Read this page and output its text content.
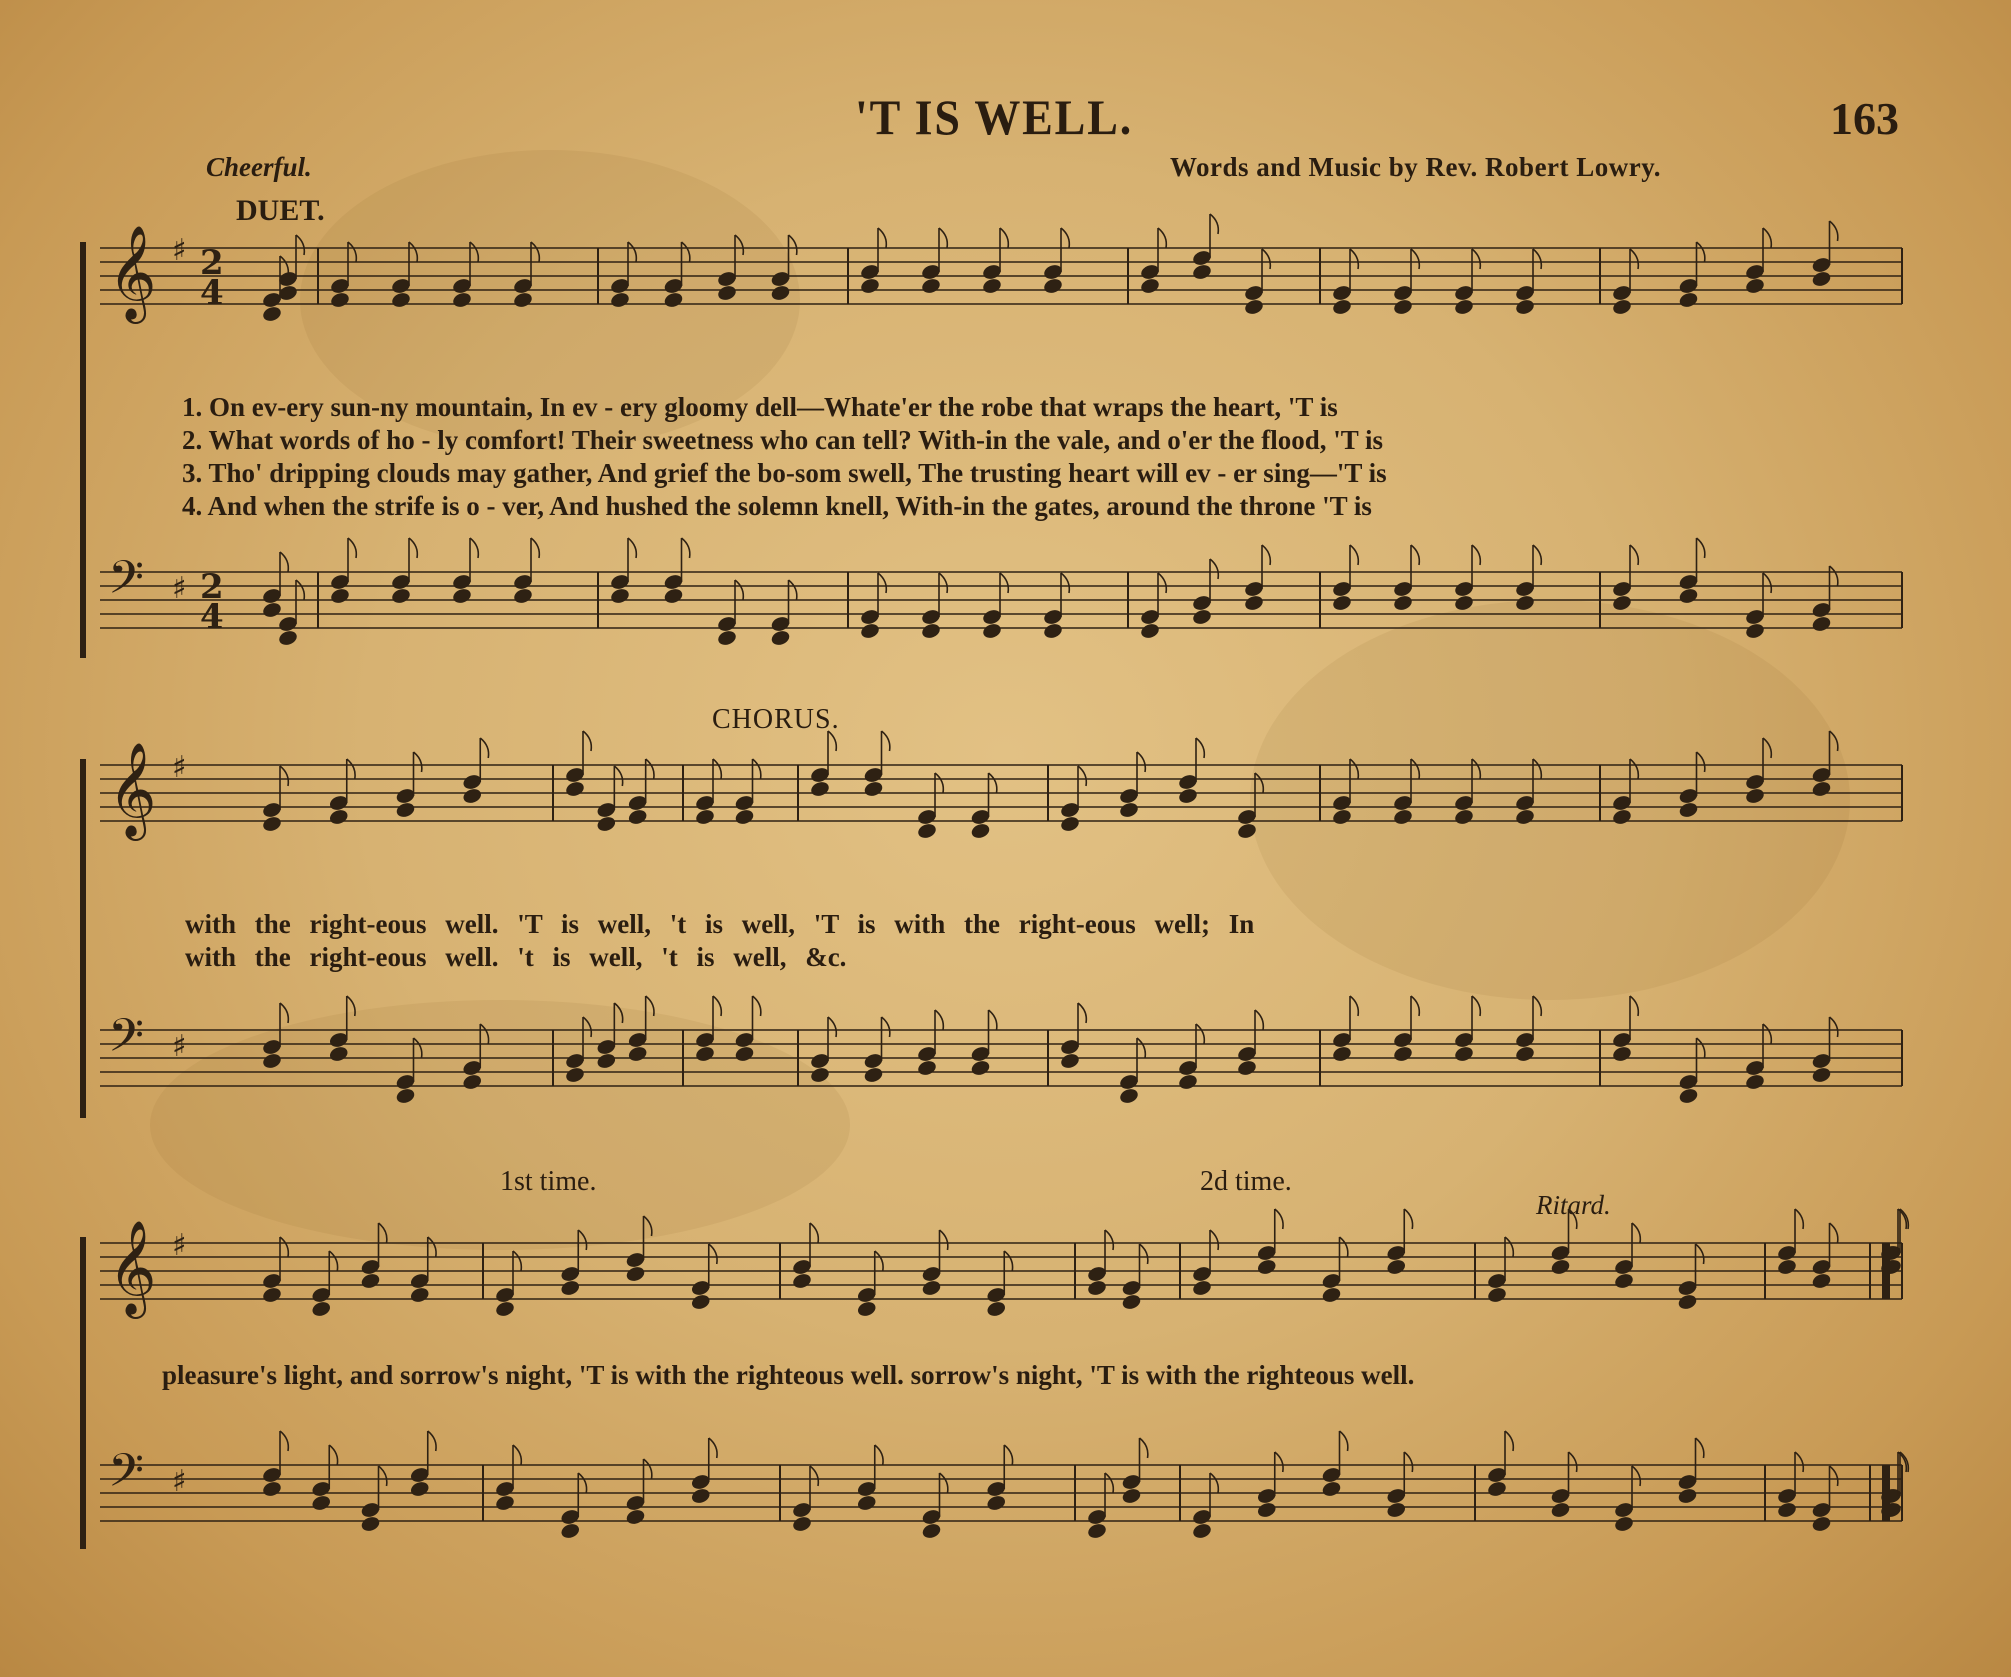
'T IS WELL.	163
Cheerful.	Words and Music by Rev. Robert Lowry.
DUET.
CHORUS.
1st time.	2d time.
Ritard.
1. On ev-ery sun-ny mountain, In ev - ery gloomy dell—Whate'er the robe that wraps the heart, 'T is
2. What words of ho - ly comfort! Their sweetness who can tell? With-in the vale, and o'er the flood, 'T is
3. Tho' dripping clouds may gather, And grief the bo-som swell, The trusting heart will ev - er sing—'T is
4. And when the strife is o - ver, And hushed the solemn knell, With-in the gates, around the throne 'T is
with the right-eous well. 'T is well, 't is well, 'T is with the right-eous well; In
with the right-eous well. 't is well, 't is well, &c.
pleasure's light, and sorrow's night, 'T is with the righteous well. sorrow's night, 'T is with the righteous well.
𝄞 ♯ 2
4
𝄢 ♯ 2
4
𝄞 ♯
𝄢 ♯
𝄞 ♯
𝄢 ♯
